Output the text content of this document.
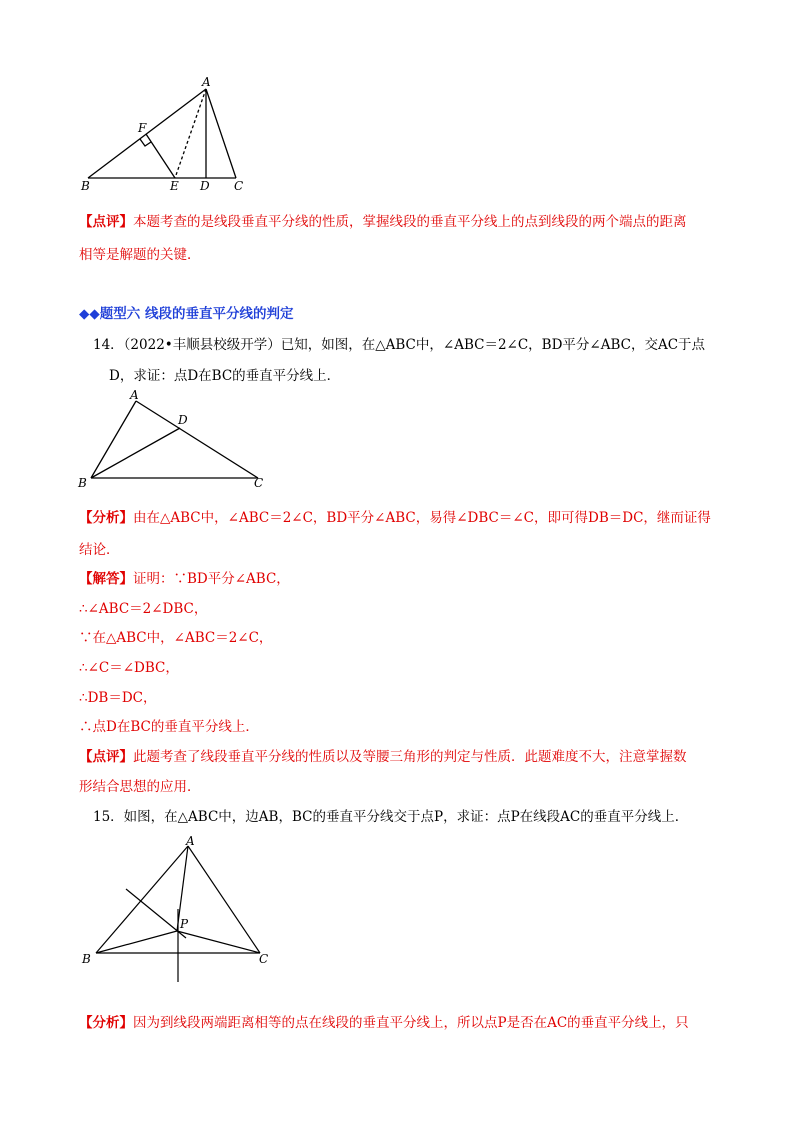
A
F
B	E D C
【点评】本题考查的是线段垂直平分线的性质，掌握线段的垂直平分线上的点到线段的两个端点的距离
相等是解题的关键．
◆◆题型六 线段的垂直平分线的判定
14．（2022•丰顺县校级开学）已知，如图，在△ABC中，∠ABC＝2∠C，BD平分∠ABC，交AC于点
D，求证：点D在BC的垂直平分线上．
A
D
B	C
【分析】由在△ABC中，∠ABC＝2∠C，BD平分∠ABC，易得∠DBC＝∠C，即可得DB＝DC，继而证得
结论．
【解答】证明：∵BD平分∠ABC，
∴∠ABC＝2∠DBC，
∵在△ABC中，∠ABC＝2∠C，
∴∠C＝∠DBC，
∴DB＝DC，
∴点D在BC的垂直平分线上．
【点评】此题考查了线段垂直平分线的性质以及等腰三角形的判定与性质．此题难度不大，注意掌握数
形结合思想的应用．
15．如图，在△ABC中，边AB，BC的垂直平分线交于点P，求证：点P在线段AC的垂直平分线上．
A
P
B	C
【分析】因为到线段两端距离相等的点在线段的垂直平分线上，所以点P是否在AC的垂直平分线上，只
